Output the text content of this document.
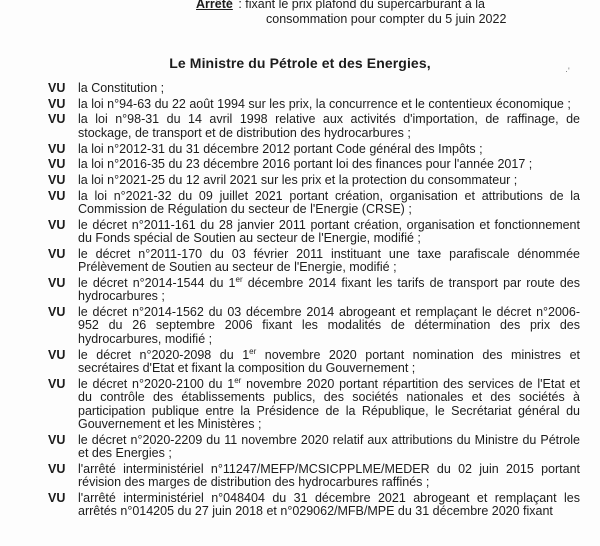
Arrêté : fixant le prix plafond du supercarburant à la
consommation pour compter du 5 juin 2022
Le Ministre du Pétrole et des Energies,	·'
VU la Constitution ;
VU la loi n°94-63 du 22 août 1994 sur les prix, la concurrence et le contentieux économique ;
VU la loi n°98-31 du 14 avril 1998 relative aux activités d'importation, de raffinage, de stockage, de transport et de distribution des hydrocarbures ;
VU la loi n°2012-31 du 31 décembre 2012 portant Code général des Impôts ;
VU la loi n°2016-35 du 23 décembre 2016 portant loi des finances pour l'année 2017 ;
VU la loi n°2021-25 du 12 avril 2021 sur les prix et la protection du consommateur ;
VU la loi n°2021-32 du 09 juillet 2021 portant création, organisation et attributions de la Commission de Régulation du secteur de l'Energie (CRSE) ;
VU le décret n°2011-161 du 28 janvier 2011 portant création, organisation et fonctionnement du Fonds spécial de Soutien au secteur de l'Energie, modifié ;
VU le décret n°2011-170 du 03 février 2011 instituant une taxe parafiscale dénommée Prélèvement de Soutien au secteur de l'Energie, modifié ;
VU le décret n°2014-1544 du 1er décembre 2014 fixant les tarifs de transport par route des hydrocarbures ;
VU le décret n°2014-1562 du 03 décembre 2014 abrogeant et remplaçant le décret n°2006-952 du 26 septembre 2006 fixant les modalités de détermination des prix des hydrocarbures, modifié ;
VU le décret n°2020-2098 du 1er novembre 2020 portant nomination des ministres et secrétaires d'Etat et fixant la composition du Gouvernement ;
VU le décret n°2020-2100 du 1er novembre 2020 portant répartition des services de l'Etat et du contrôle des établissements publics, des sociétés nationales et des sociétés à participation publique entre la Présidence de la République, le Secrétariat général du Gouvernement et les Ministères ;
VU le décret n°2020-2209 du 11 novembre 2020 relatif aux attributions du Ministre du Pétrole et des Energies ;
VU l'arrêté interministériel n°11247/MEFP/MCSICPPLME/MEDER du 02 juin 2015 portant révision des marges de distribution des hydrocarbures raffinés ;
VU l'arrêté interministériel n°048404 du 31 décembre 2021 abrogeant et remplaçant les arrêtés n°014205 du 27 juin 2018 et n°029062/MFB/MPE du 31 décembre 2020 fixant
